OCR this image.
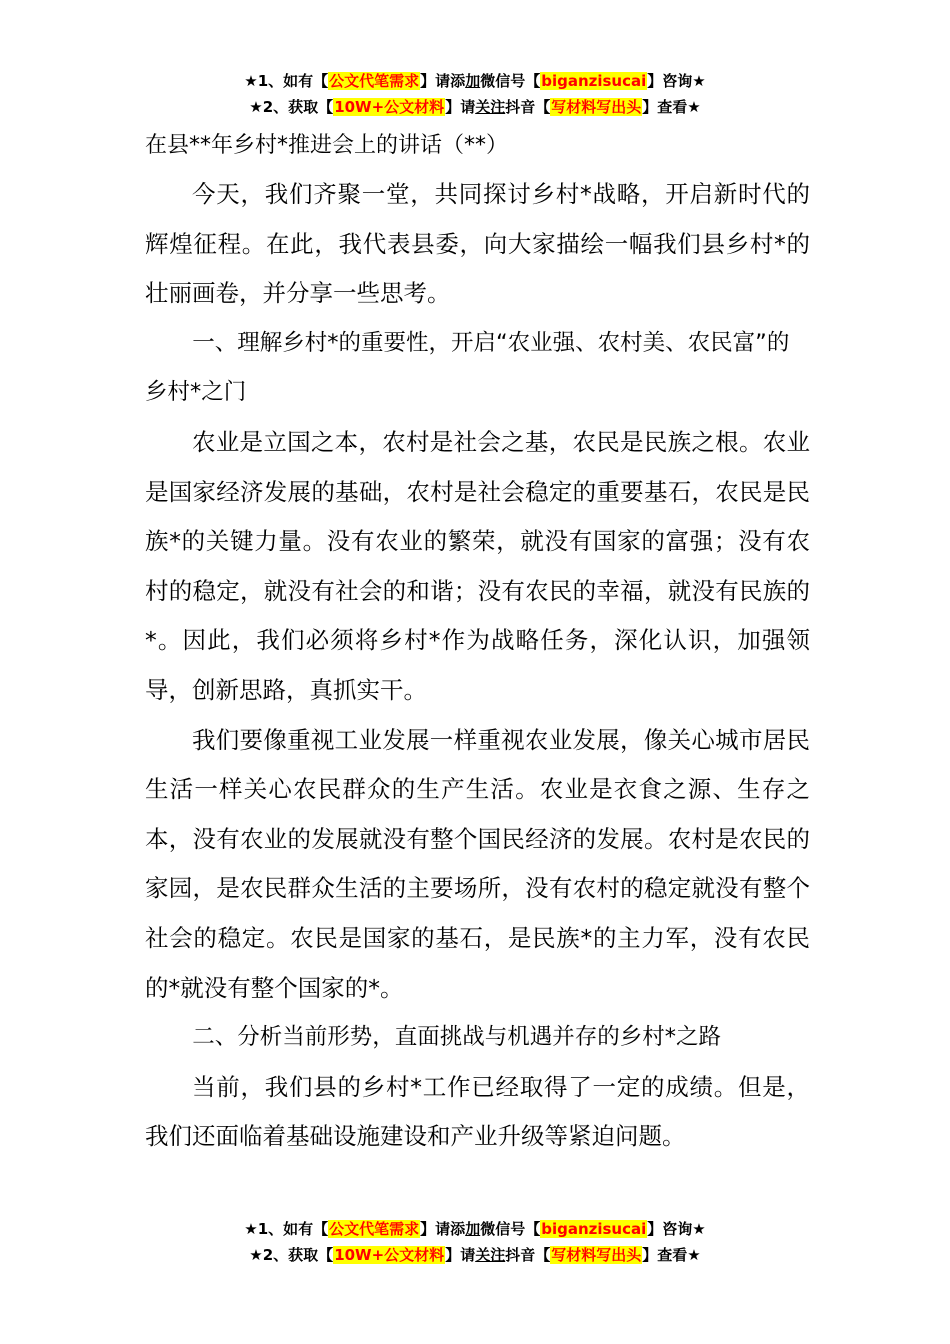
★1、如有【公文代笔需求】请添加微信号【biganzisucai】咨询★
★2、获取【10W+公文材料】请关注抖音【写材料写出头】查看★
在县**年乡村*推进会上的讲话（**）

今天，我们齐聚一堂，共同探讨乡村*战略，开启新时代的辉煌征程。在此，我代表县委，向大家描绘一幅我们县乡村*的壮丽画卷，并分享一些思考。

一、理解乡村*的重要性，开启“农业强、农村美、农民富”的乡村*之门

农业是立国之本，农村是社会之基，农民是民族之根。农业是国家经济发展的基础，农村是社会稳定的重要基石，农民是民族*的关键力量。没有农业的繁荣，就没有国家的富强；没有农村的稳定，就没有社会的和谐；没有农民的幸福，就没有民族的*。因此，我们必须将乡村*作为战略任务，深化认识，加强领导，创新思路，真抓实干。

我们要像重视工业发展一样重视农业发展，像关心城市居民生活一样关心农民群众的生产生活。农业是衣食之源、生存之本，没有农业的发展就没有整个国民经济的发展。农村是农民的家园，是农民群众生活的主要场所，没有农村的稳定就没有整个社会的稳定。农民是国家的基石，是民族*的主力军，没有农民的*就没有整个国家的*。

二、分析当前形势，直面挑战与机遇并存的乡村*之路

当前，我们县的乡村*工作已经取得了一定的成绩。但是，我们还面临着基础设施建设和产业升级等紧迫问题。

★1、如有【公文代笔需求】请添加微信号【biganzisucai】咨询★
★2、获取【10W+公文材料】请关注抖音【写材料写出头】查看★
